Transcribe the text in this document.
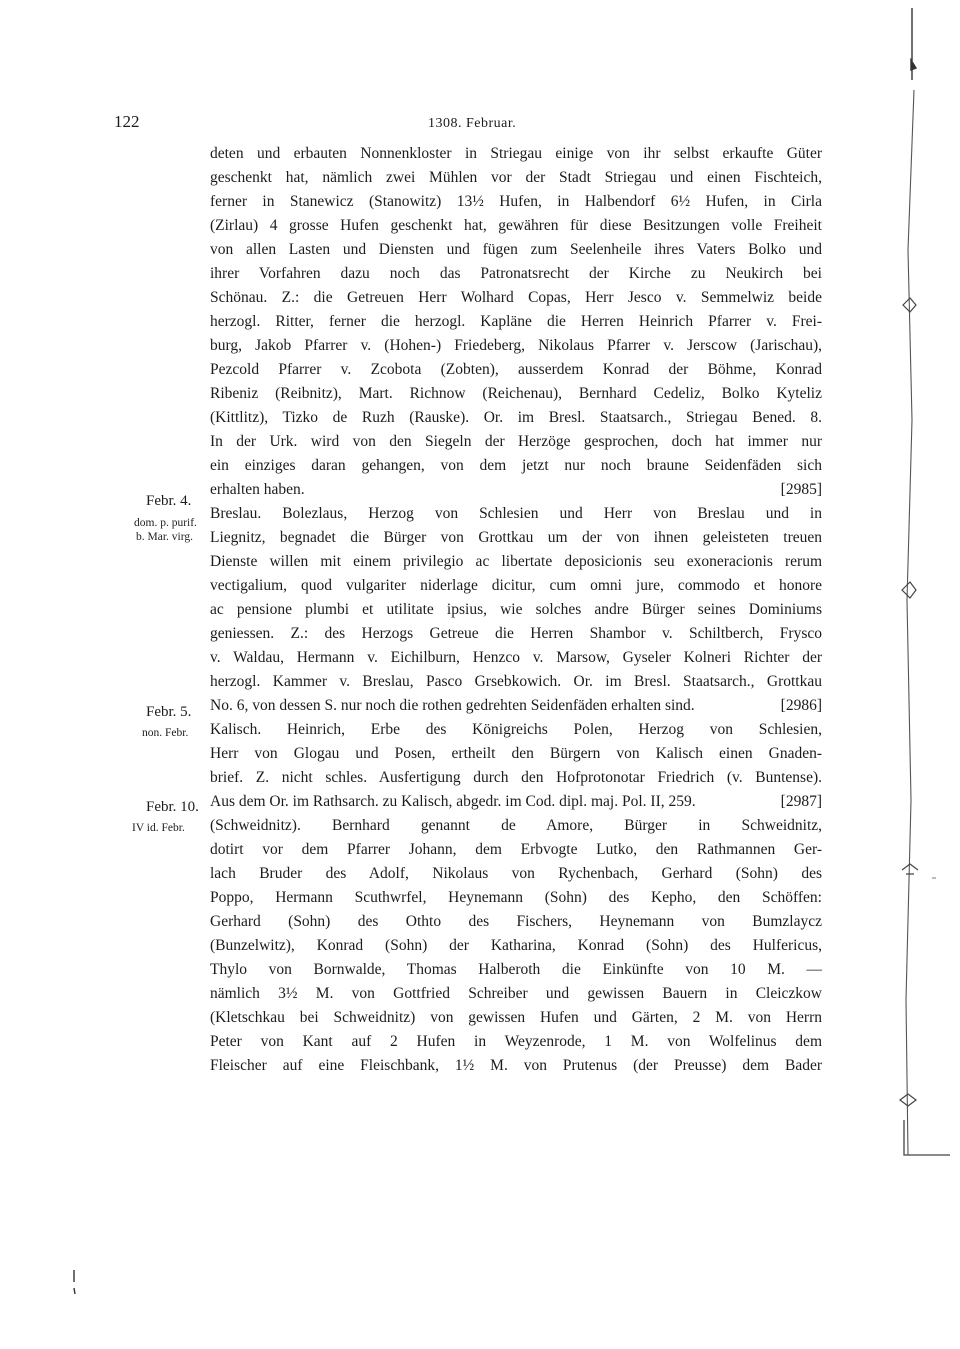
122	1308. Februar.
Febr. 4.
dom. p. purif.
b. Mar. virg.
Febr. 5.
non. Febr.
Febr. 10.
IV id. Febr.
deten und erbauten Nonnenkloster in Striegau einige von ihr selbst erkaufte Güter
geschenkt hat, nämlich zwei Mühlen vor der Stadt Striegau und einen Fischteich,
ferner in Stanewicz (Stanowitz) 13½ Hufen, in Halbendorf 6½ Hufen, in Cirla
(Zirlau) 4 grosse Hufen geschenkt hat, gewähren für diese Besitzungen volle Freiheit
von allen Lasten und Diensten und fügen zum Seelenheile ihres Vaters Bolko und
ihrer Vorfahren dazu noch das Patronatsrecht der Kirche zu Neukirch bei
Schönau. Z.: die Getreuen Herr Wolhard Copas, Herr Jesco v. Semmelwiz beide
herzogl. Ritter, ferner die herzogl. Kapläne die Herren Heinrich Pfarrer v. Frei-
burg, Jakob Pfarrer v. (Hohen-) Friedeberg, Nikolaus Pfarrer v. Jerscow (Jarischau),
Pezcold Pfarrer v. Zcobota (Zobten), ausserdem Konrad der Böhme, Konrad
Ribeniz (Reibnitz), Mart. Richnow (Reichenau), Bernhard Cedeliz, Bolko Kyteliz
(Kittlitz), Tizko de Ruzh (Rauske). Or. im Bresl. Staatsarch., Striegau Bened. 8.
In der Urk. wird von den Siegeln der Herzöge gesprochen, doch hat immer nur
ein einziges daran gehangen, von dem jetzt nur noch braune Seidenfäden sich
erhalten haben.	[2985]
Breslau. Bolezlaus, Herzog von Schlesien und Herr von Breslau und in
Liegnitz, begnadet die Bürger von Grottkau um der von ihnen geleisteten treuen
Dienste willen mit einem privilegio ac libertate deposicionis seu exoneracionis rerum
vectigalium, quod vulgariter niderlage dicitur, cum omni jure, commodo et honore
ac pensione plumbi et utilitate ipsius, wie solches andre Bürger seines Dominiums
geniessen. Z.: des Herzogs Getreue die Herren Shambor v. Schiltberch, Frysco
v. Waldau, Hermann v. Eichilburn, Henzco v. Marsow, Gyseler Kolneri Richter der
herzogl. Kammer v. Breslau, Pasco Grsebkowich. Or. im Bresl. Staatsarch., Grottkau
No. 6, von dessen S. nur noch die rothen gedrehten Seidenfäden erhalten sind.	[2986]
Kalisch. Heinrich, Erbe des Königreichs Polen, Herzog von Schlesien,
Herr von Glogau und Posen, ertheilt den Bürgern von Kalisch einen Gnaden-
brief. Z. nicht schles. Ausfertigung durch den Hofprotonotar Friedrich (v. Buntense).
Aus dem Or. im Rathsarch. zu Kalisch, abgedr. im Cod. dipl. maj. Pol. II, 259.	[2987]
(Schweidnitz). Bernhard genannt de Amore, Bürger in Schweidnitz,
dotirt vor dem Pfarrer Johann, dem Erbvogte Lutko, den Rathmannen Ger-
lach Bruder des Adolf, Nikolaus von Rychenbach, Gerhard (Sohn) des
Poppo, Hermann Scuthwrfel, Heynemann (Sohn) des Kepho, den Schöffen:
Gerhard (Sohn) des Othto des Fischers, Heynemann von Bumzlaycz
(Bunzelwitz), Konrad (Sohn) der Katharina, Konrad (Sohn) des Hulfericus,
Thylo von Bornwalde, Thomas Halberoth die Einkünfte von 10 M. —
nämlich 3½ M. von Gottfried Schreiber und gewissen Bauern in Cleiczkow
(Kletschkau bei Schweidnitz) von gewissen Hufen und Gärten, 2 M. von Herrn
Peter von Kant auf 2 Hufen in Weyzenrode, 1 M. von Wolfelinus dem
Fleischer auf eine Fleischbank, 1½ M. von Prutenus (der Preusse) dem Bader
